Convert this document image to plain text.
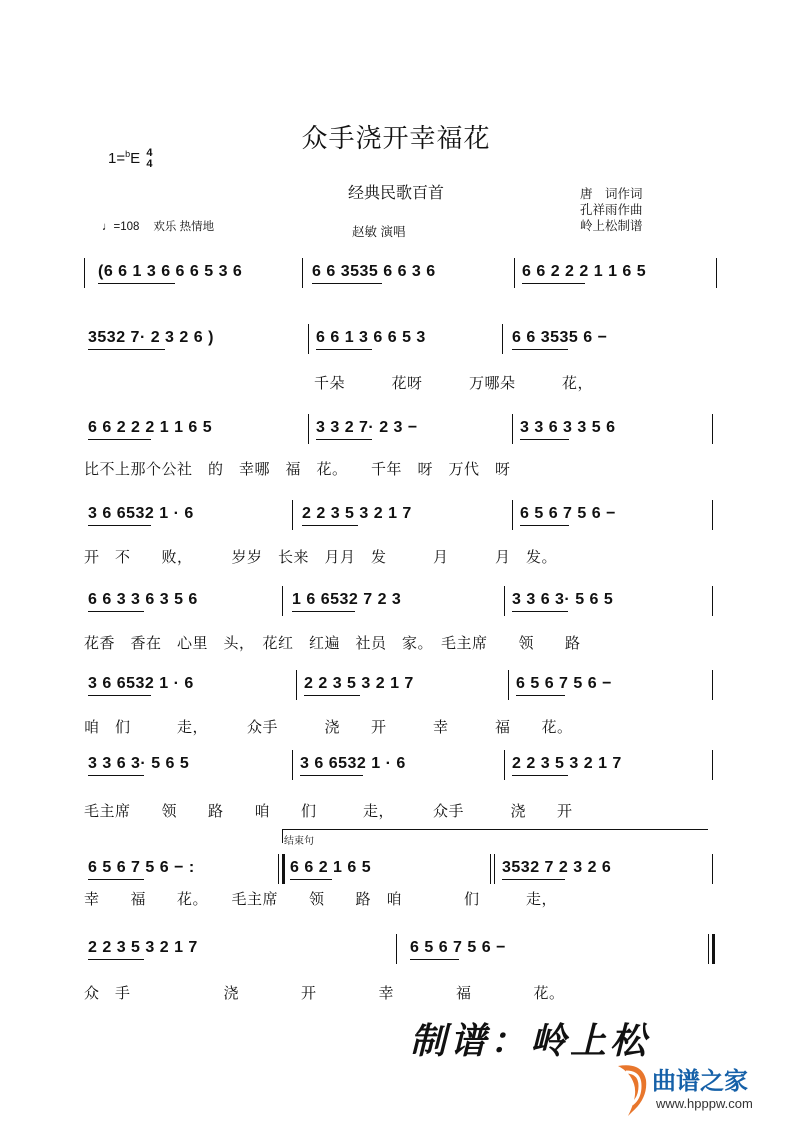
众手浇开幸福花
1=$^b$E 4
4
经典民歌百首	唐　词作词
孔祥雨作曲
岭上松制谱
♩=108 欢乐 热情地	赵敏 演唱
(6 6 1 3 6 6 6 5 3 6	6 6 3535 6 6 3 6	6 6 2 2 2 1 1 6 5
3532 7· 2 3 2 6 )	6 6 1 3 6 6 5 3	6 6 3535 6 −
6 6 2 2 2 1 1 6 5	3 3 2 7· 2 3 −	3 3 6 3 3 5 6
3 6 6532 1 · 6	2 2 3 5 3 2 1 7	6 5 6 7 5 6 −
6 6 3 3 6 3 5 6	1 6 6532 7 2 3	3 3 6 3· 5 6 5
3 6 6532 1 · 6	2 2 3 5 3 2 1 7	6 5 6 7 5 6 −
3 3 6 3· 5 6 5	3 6 6532 1 · 6	2 2 3 5 3 2 1 7
6 5 6 7 5 6 − :	6 6 2 1 6 5	3532 7 2 3 2 6
2 2 3 5 3 2 1 7	6 5 6 7 5 6 −
千朵　　　花呀　　　万哪朵　　　花，
比不上那个公社　的　幸哪　福　花。　　千年　呀　万代　呀
开　不　　败，　　　岁岁　长来　月月　发　　　月　　　月　发。
花香　香在　心里　头，　花红　红遍　社员　家。　毛主席　　领　　路
咱　们　　　走，　　　众手　　　浇　　开　　　幸　　　福　　花。
毛主席　　领　　路　　咱　　们　　　走，　　　众手　　　浇　　开
幸　　福　　花。　　毛主席　　领　　路　咱　　　　们　　　走，
众　手　　　　　　浇　　　　开　　　　幸　　　　福　　　　花。
结束句
制谱：岭上松
曲谱之家
www.hpppw.com
